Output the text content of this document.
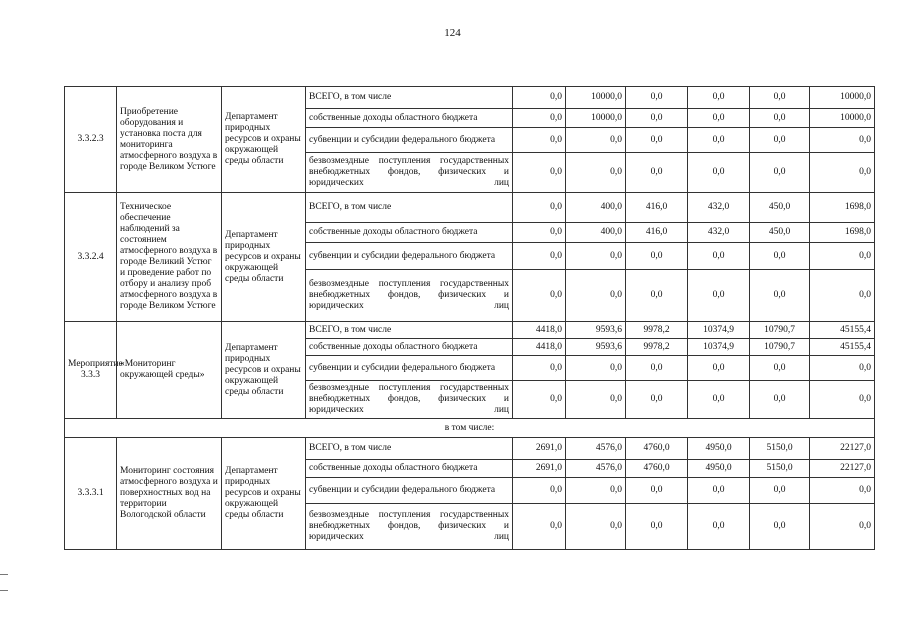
124
3.3.2.3	Приобретение оборудования и установка поста для мониторинга атмосферного воздуха в городе Великом Устюге	Департамент природных ресурсов и охраны окружающей среды области	ВСЕГО, в том числе	0,0	10000,0	0,0	0,0	0,0	10000,0
			собственные доходы областного бюджета	0,0	10000,0	0,0	0,0	0,0	10000,0
			субвенции и субсидии федерального бюджета	0,0	0,0	0,0	0,0	0,0	0,0
			безвозмездные поступления государственных внебюджетных фондов, физических и юридических лиц	0,0	0,0	0,0	0,0	0,0	0,0
3.3.2.4	Техническое обеспечение наблюдений за состоянием атмосферного воздуха в городе Великий Устюг и проведение работ по отбору и анализу проб атмосферного воздуха в городе Великом Устюге	Департамент природных ресурсов и охраны окружающей среды области	ВСЕГО, в том числе	0,0	400,0	416,0	432,0	450,0	1698,0
			собственные доходы областного бюджета	0,0	400,0	416,0	432,0	450,0	1698,0
			субвенции и субсидии федерального бюджета	0,0	0,0	0,0	0,0	0,0	0,0
			безвозмездные поступления государственных внебюджетных фондов, физических и юридических лиц	0,0	0,0	0,0	0,0	0,0	0,0
Мероприятие 3.3.3	«Мониторинг окружающей среды»	Департамент природных ресурсов и охраны окружающей среды области	ВСЕГО, в том числе	4418,0	9593,6	9978,2	10374,9	10790,7	45155,4
			собственные доходы областного бюджета	4418,0	9593,6	9978,2	10374,9	10790,7	45155,4
			субвенции и субсидии федерального бюджета	0,0	0,0	0,0	0,0	0,0	0,0
			безвозмездные поступления государственных внебюджетных фондов, физических и юридических лиц	0,0	0,0	0,0	0,0	0,0	0,0
в том числе:									
3.3.3.1	Мониторинг состояния атмосферного воздуха и поверхностных вод на территории Вологодской области	Департамент природных ресурсов и охраны окружающей среды области	ВСЕГО, в том числе	2691,0	4576,0	4760,0	4950,0	5150,0	22127,0
			собственные доходы областного бюджета	2691,0	4576,0	4760,0	4950,0	5150,0	22127,0
			субвенции и субсидии федерального бюджета	0,0	0,0	0,0	0,0	0,0	0,0
			безвозмездные поступления государственных внебюджетных фондов, физических и юридических лиц	0,0	0,0	0,0	0,0	0,0	0,0
